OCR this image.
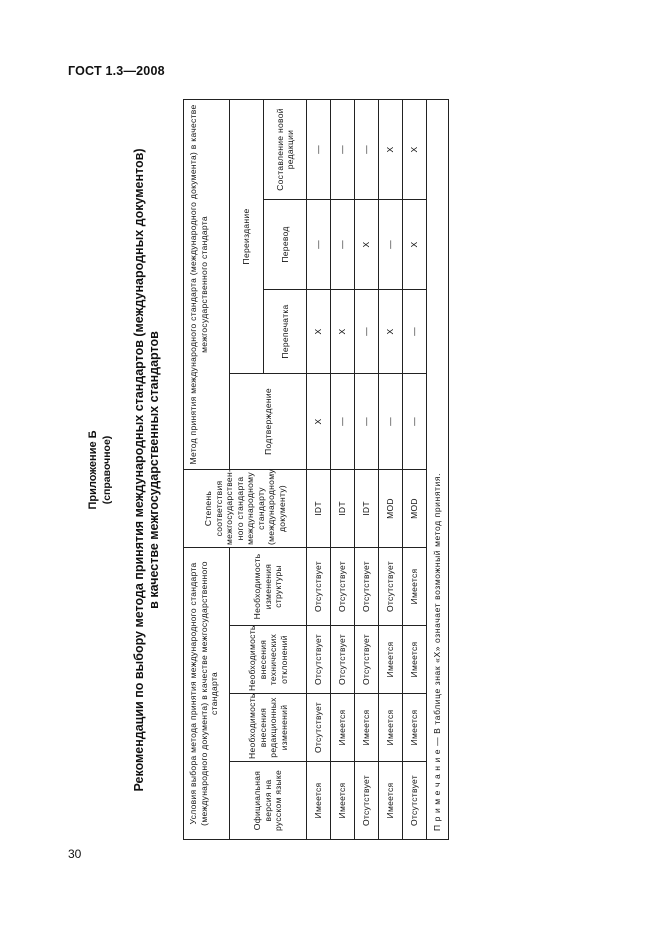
ГОСТ 1.3—2008
Приложение Б (справочное) Рекомендации по выбору метода принятия международных стандартов (международных документов) в качестве межгосударственных стандартов
Условия выбора метода принятия международного стандарта (международного документа) в качестве межгосударственного стандарта				Степень соответствия межгосударствен-ного стандарта международному стандарту (международному документу)	Метод принятия международного стандарта (международного документа) в качестве межгосударственного стандарта			
Официальная версия на русском языке	Необходимость внесения редакционных изменений	Необходимость внесения технических отклонений	Необходимость изменения структуры		Подтверждение	Переиздание		
						Перепечатка	Перевод	Составление новой редакции
Имеется	Отсутствует	Отсутствует	Отсутствует	IDT	X	X	—	—
Имеется	Имеется	Отсутствует	Отсутствует	IDT	—	X	—	—
Отсутствует	Имеется	Отсутствует	Отсутствует	IDT	—	—	X	—
Имеется	Имеется	Имеется	Отсутствует	MOD	—	X	—	X
Отсутствует	Имеется	Имеется	Имеется	MOD	—	—	X	X
П р и м е ч а н и е — В таблице знак «X» означает возможный метод принятия.								
30
